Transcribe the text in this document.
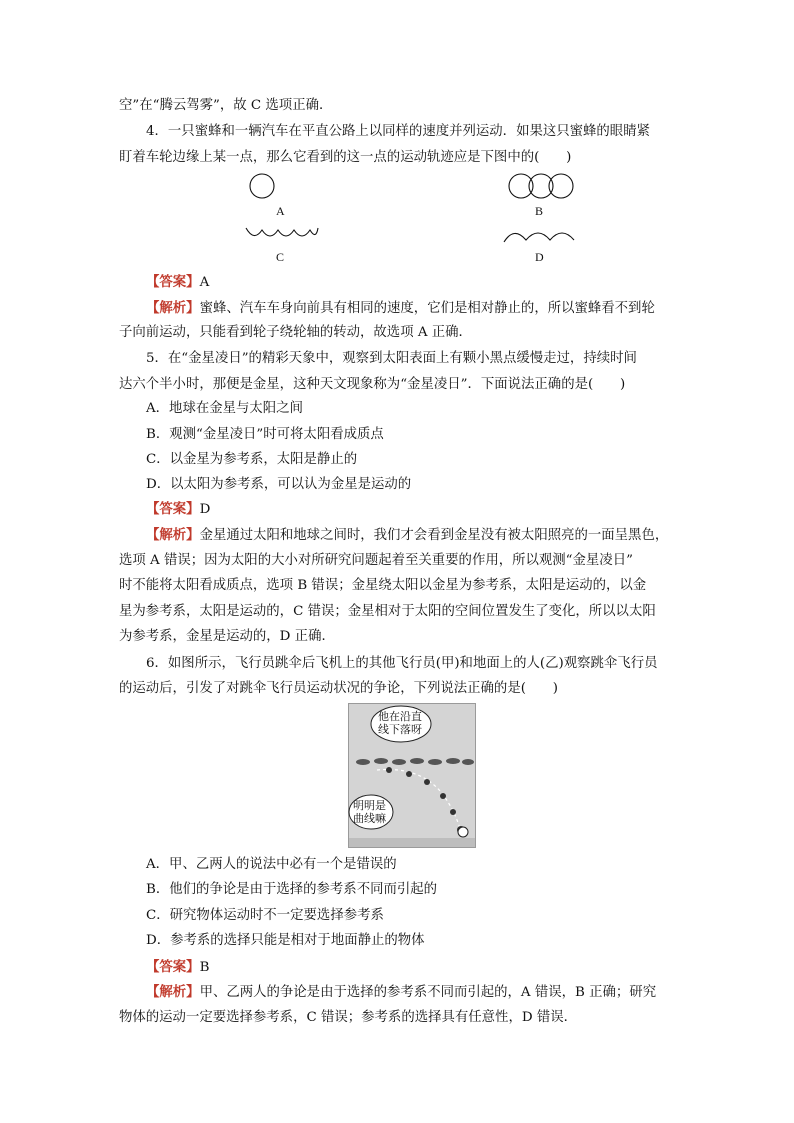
空”在“腾云驾雾”，故 C 选项正确．
4．一只蜜蜂和一辆汽车在平直公路上以同样的速度并列运动．如果这只蜜蜂的眼睛紧
盯着车轮边缘上某一点，那么它看到的这一点的运动轨迹应是下图中的(　　)
A	B
C	D
【答案】A
【解析】蜜蜂、汽车车身向前具有相同的速度，它们是相对静止的，所以蜜蜂看不到轮
子向前运动，只能看到轮子绕轮轴的转动，故选项 A 正确．
5．在“金星凌日”的精彩天象中，观察到太阳表面上有颗小黑点缓慢走过，持续时间
达六个半小时，那便是金星，这种天文现象称为“金星凌日”．下面说法正确的是(　　)
A．地球在金星与太阳之间
B．观测“金星凌日”时可将太阳看成质点
C．以金星为参考系，太阳是静止的
D．以太阳为参考系，可以认为金星是运动的
【答案】D
【解析】金星通过太阳和地球之间时，我们才会看到金星没有被太阳照亮的一面呈黑色，
选项 A 错误；因为太阳的大小对所研究问题起着至关重要的作用，所以观测“金星凌日”
时不能将太阳看成质点，选项 B 错误；金星绕太阳以金星为参考系，太阳是运动的，以金
星为参考系，太阳是运动的，C 错误；金星相对于太阳的空间位置发生了变化，所以以太阳
为参考系，金星是运动的，D 正确．
6．如图所示，飞行员跳伞后飞机上的其他飞行员(甲)和地面上的人(乙)观察跳伞飞行员
的运动后，引发了对跳伞飞行员运动状况的争论，下列说法正确的是(　　)
他在沿直
线下落呀
明明是
曲线嘛
A．甲、乙两人的说法中必有一个是错误的
B．他们的争论是由于选择的参考系不同而引起的
C．研究物体运动时不一定要选择参考系
D．参考系的选择只能是相对于地面静止的物体
【答案】B
【解析】甲、乙两人的争论是由于选择的参考系不同而引起的，A 错误，B 正确；研究
物体的运动一定要选择参考系，C 错误；参考系的选择具有任意性，D 错误．
